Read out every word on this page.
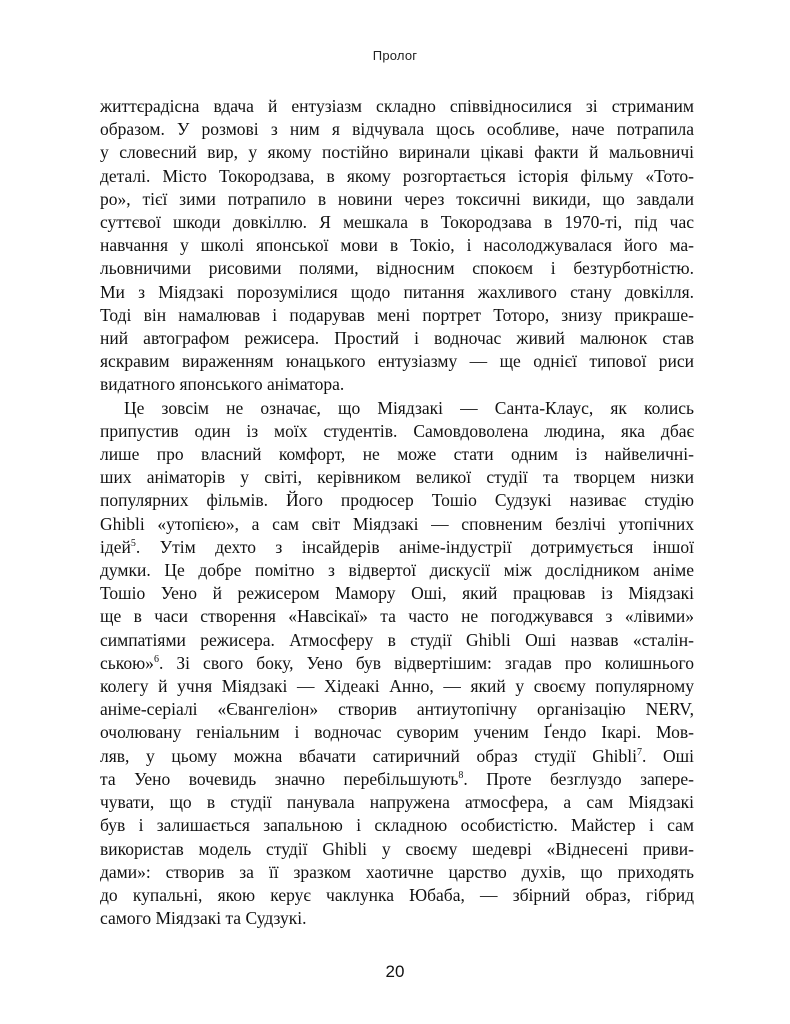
Пролог
життєрадісна вдача й ентузіазм складно співвідносилися зі стриманим
образом. У розмові з ним я відчувала щось особливе, наче потрапила
у словесний вир, у якому постійно виринали цікаві факти й мальовничі
деталі. Місто Токородзава, в якому розгортається історія фільму «Тото-
ро», тієї зими потрапило в новини через токсичні викиди, що завдали
суттєвої шкоди довкіллю. Я мешкала в Токородзава в 1970-ті, під час
навчання у школі японської мови в Токіо, і насолоджувалася його ма-
льовничими рисовими полями, відносним спокоєм і безтурботністю.
Ми з Міядзакі порозумілися щодо питання жахливого стану довкілля.
Тоді він намалював і подарував мені портрет Тоторо, знизу прикраше-
ний автографом режисера. Простий і водночас живий малюнок став
яскравим вираженням юнацького ентузіазму — ще однієї типової риси
видатного японського аніматора.
Це зовсім не означає, що Міядзакі — Санта-Клаус, як колись
припустив один із моїх студентів. Самовдоволена людина, яка дбає
лише про власний комфорт, не може стати одним із найвеличні-
ших аніматорів у світі, керівником великої студії та творцем низки
популярних фільмів. Його продюсер Тошіо Судзукі називає студію
Ghibli «утопією», а сам світ Міядзакі — сповненим безлічі утопічних
ідей$^5$. Утім дехто з інсайдерів аніме-індустрії дотримується іншої
думки. Це добре помітно з відвертої дискусії між дослідником аніме
Тошіо Уено й режисером Мамору Оші, який працював із Міядзакі
ще в часи створення «Навсікаї» та часто не погоджувався з «лівими»
симпатіями режисера. Атмосферу в студії Ghibli Оші назвав «сталін-
ською»$^6$. Зі свого боку, Уено був відвертішим: згадав про колишнього
колегу й учня Міядзакі — Хідеакі Анно, — який у своєму популярному
аніме-серіалі «Євангеліон» створив антиутопічну організацію NERV,
очолювану геніальним і водночас суворим ученим Ґендо Ікарі. Мов-
ляв, у цьому можна вбачати сатиричний образ студії Ghibli$^7$. Оші
та Уено вочевидь значно перебільшують$^8$. Проте безглуздо запере-
чувати, що в студії панувала напружена атмосфера, а сам Міядзакі
був і залишається запальною і складною особистістю. Майстер і сам
використав модель студії Ghibli у своєму шедеврі «Віднесені приви-
дами»: створив за її зразком хаотичне царство духів, що приходять
до купальні, якою керує чаклунка Юбаба, — збірний образ, гібрид
самого Міядзакі та Судзукі.
20
